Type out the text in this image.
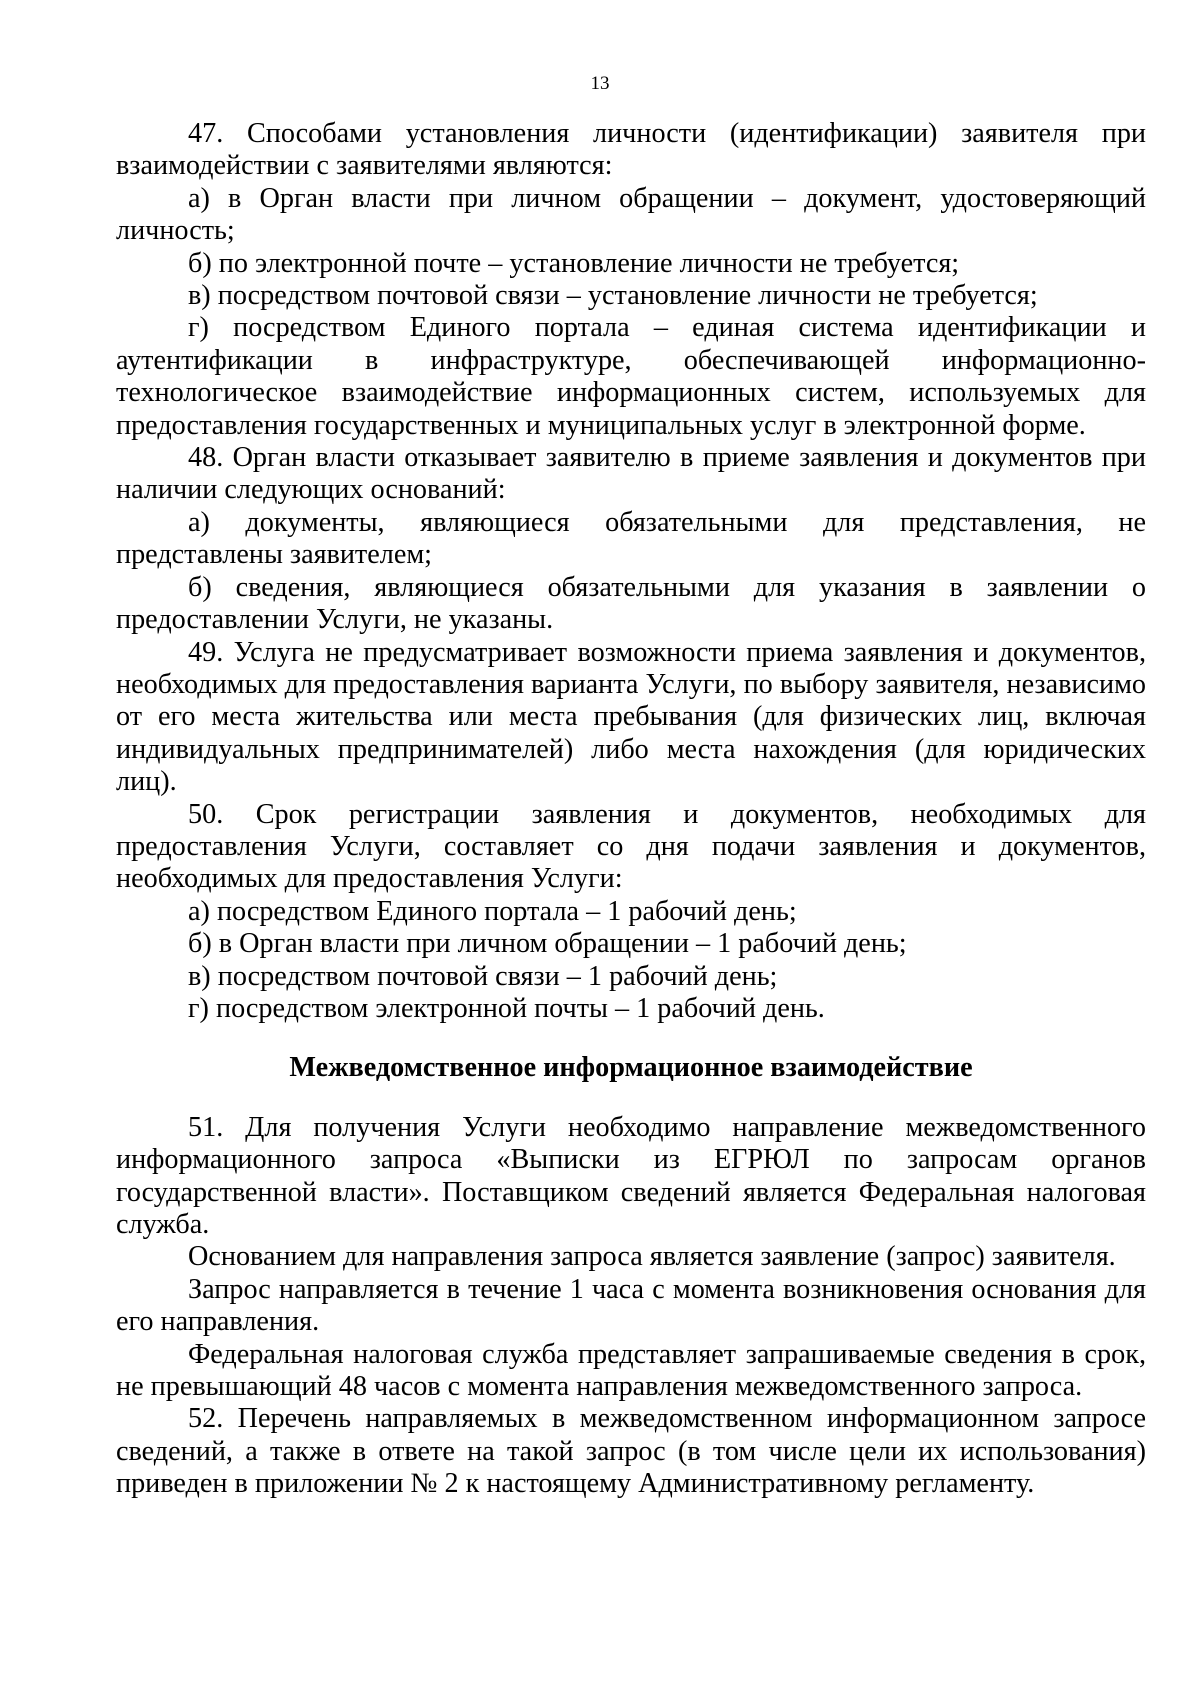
13

47. Способами установления личности (идентификации) заявителя при взаимодействии с заявителями являются:

а) в Орган власти при личном обращении – документ, удостоверяющий личность;

б) по электронной почте – установление личности не требуется;

в) посредством почтовой связи – установление личности не требуется;

г) посредством Единого портала – единая система идентификации и аутентификации в инфраструктуре, обеспечивающей информационно-технологическое взаимодействие информационных систем, используемых для предоставления государственных и муниципальных услуг в электронной форме.

48. Орган власти отказывает заявителю в приеме заявления и документов при наличии следующих оснований:

а) документы, являющиеся обязательными для представления, не представлены заявителем;

б) сведения, являющиеся обязательными для указания в заявлении о предоставлении Услуги, не указаны.

49. Услуга не предусматривает возможности приема заявления и документов, необходимых для предоставления варианта Услуги, по выбору заявителя, независимо от его места жительства или места пребывания (для физических лиц, включая индивидуальных предпринимателей) либо места нахождения (для юридических лиц).

50. Срок регистрации заявления и документов, необходимых для предоставления Услуги, составляет со дня подачи заявления и документов, необходимых для предоставления Услуги:

а) посредством Единого портала – 1 рабочий день;

б) в Орган власти при личном обращении – 1 рабочий день;

в) посредством почтовой связи – 1 рабочий день;

г) посредством электронной почты – 1 рабочий день.

Межведомственное информационное взаимодействие

51. Для получения Услуги необходимо направление межведомственного информационного запроса «Выписки из ЕГРЮЛ по запросам органов государственной власти». Поставщиком сведений является Федеральная налоговая служба.

Основанием для направления запроса является заявление (запрос) заявителя.

Запрос направляется в течение 1 часа с момента возникновения основания для его направления.

Федеральная налоговая служба представляет запрашиваемые сведения в срок, не превышающий 48 часов с момента направления межведомственного запроса.

52. Перечень направляемых в межведомственном информационном запросе сведений, а также в ответе на такой запрос (в том числе цели их использования) приведен в приложении № 2 к настоящему Административному регламенту.
